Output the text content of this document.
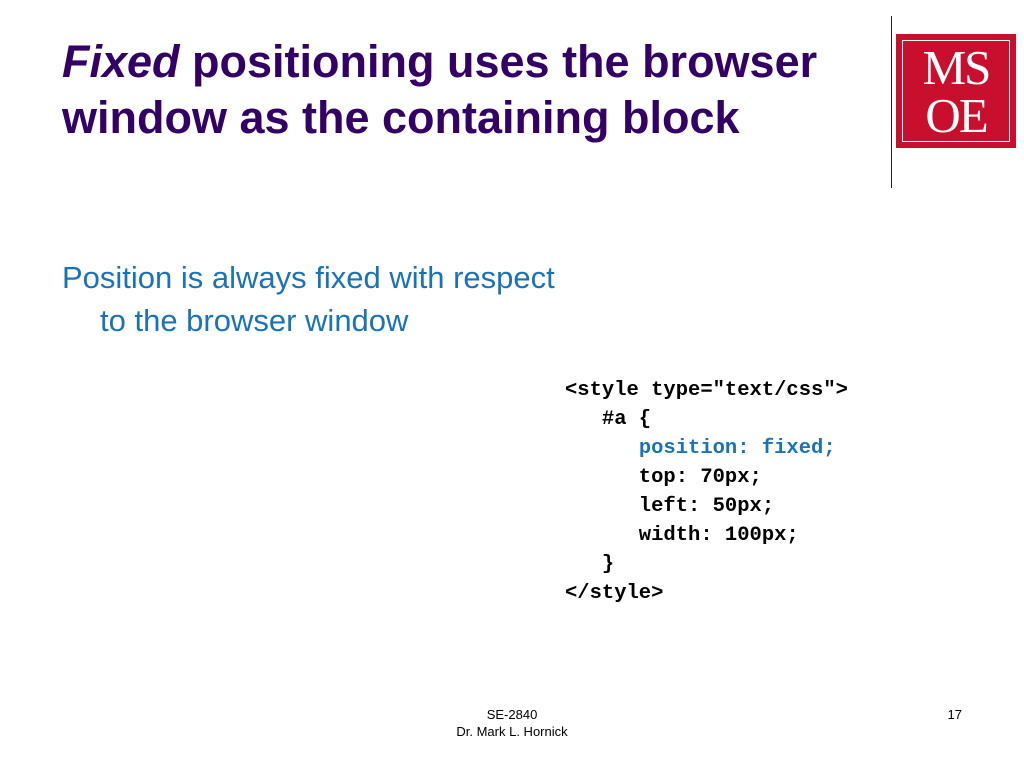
Fixed positioning uses the browser window as the containing block
MS
OE

Position is always fixed with respect to the browser window

<style type="text/css">
#a {
position: fixed;
top: 70px;
left: 50px;
width: 100px;
}
</style>
SE-2840
Dr. Mark L. Hornick
17
